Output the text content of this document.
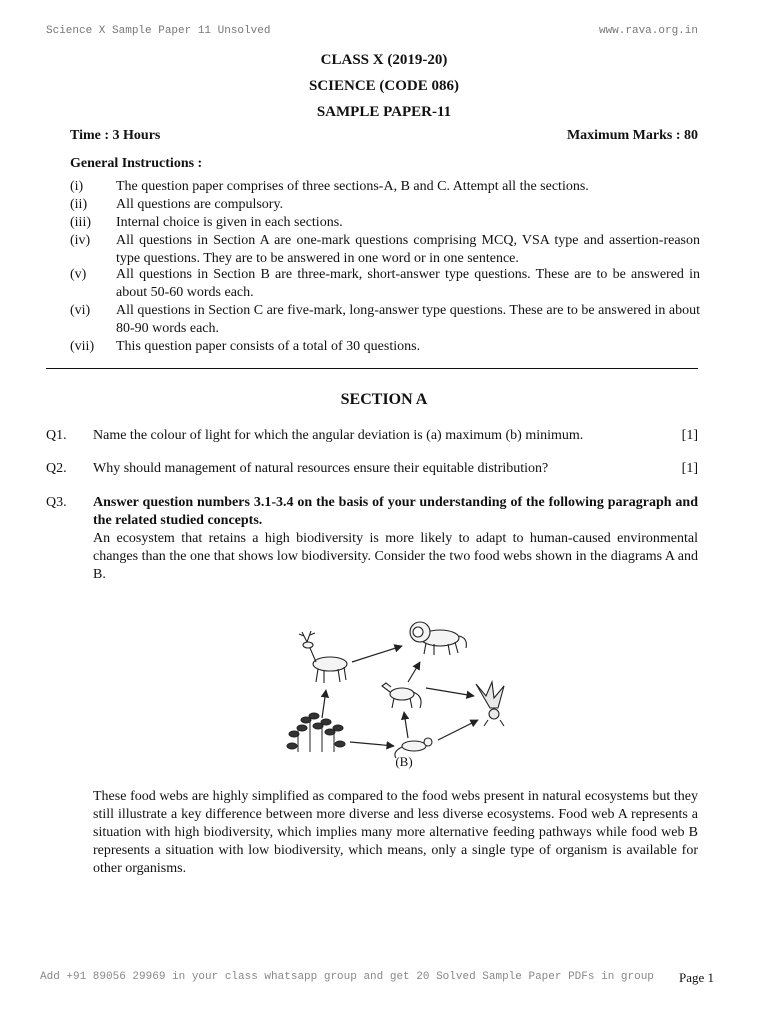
Science X Sample Paper 11 Unsolved	www.rava.org.in
CLASS X (2019-20)
SCIENCE (CODE 086)
SAMPLE PAPER-11
Time : 3 Hours	Maximum Marks : 80
General Instructions :
(i) The question paper comprises of three sections-A, B and C. Attempt all the sections.
(ii) All questions are compulsory.
(iii) Internal choice is given in each sections.
(iv) All questions in Section A are one-mark questions comprising MCQ, VSA type and assertion-reason type questions. They are to be answered in one word or in one sentence.
(v) All questions in Section B are three-mark, short-answer type questions. These are to be answered in about 50-60 words each.
(vi) All questions in Section C are five-mark, long-answer type questions. These are to be answered in about 80-90 words each.
(vii) This question paper consists of a total of 30 questions.
SECTION A
Q1. Name the colour of light for which the angular deviation is (a) maximum (b) minimum.	[1]
Q2. Why should management of natural resources ensure their equitable distribution?	[1]
Q3. Answer question numbers 3.1-3.4 on the basis of your understanding of the following paragraph and the related studied concepts.
An ecosystem that retains a high biodiversity is more likely to adapt to human-caused environmental changes than the one that shows low biodiversity. Consider the two food webs shown in the diagrams A and B.
(B)
These food webs are highly simplified as compared to the food webs present in natural ecosystems but they still illustrate a key difference between more diverse and less diverse ecosystems. Food web A represents a situation with high biodiversity, which implies many more alternative feeding pathways while food web B represents a situation with low biodiversity, which means, only a single type of organism is available for other organisms.
Add +91 89056 29969 in your class whatsapp group and get 20 Solved Sample Paper PDFs in group Page 1
